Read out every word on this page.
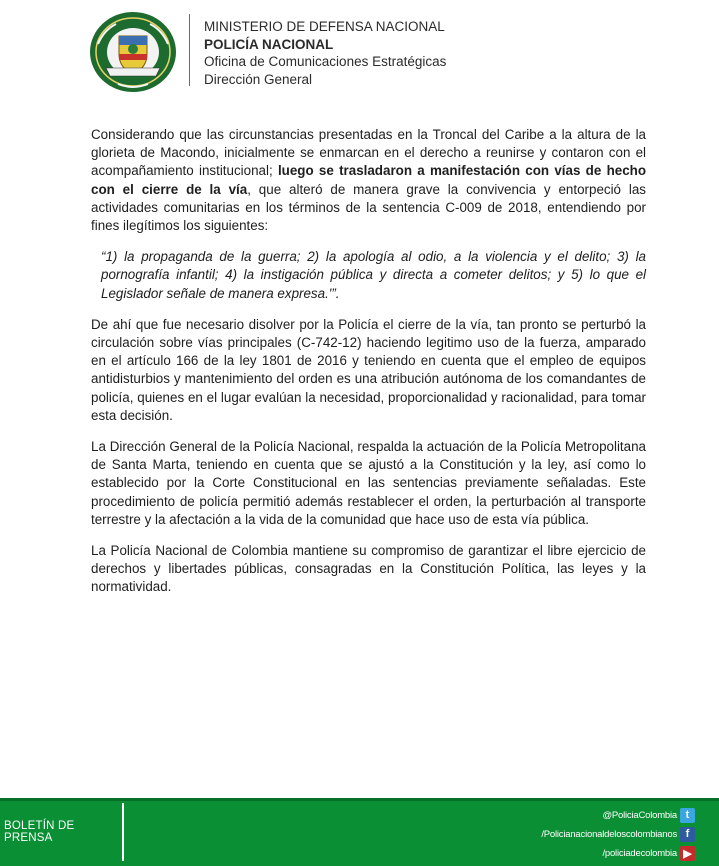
MINISTERIO DE DEFENSA NACIONAL
POLICÍA NACIONAL
Oficina de Comunicaciones Estratégicas
Dirección General

Considerando que las circunstancias presentadas en la Troncal del Caribe a la altura de la glorieta de Macondo, inicialmente se enmarcan en el derecho a reunirse y contaron con el acompañamiento institucional; luego se trasladaron a manifestación con vías de hecho con el cierre de la vía, que alteró de manera grave la convivencia y entorpeció las actividades comunitarias en los términos de la sentencia C-009 de 2018, entendiendo por fines ilegítimos los siguientes:

“1) la propaganda de la guerra; 2) la apología al odio, a la violencia y el delito; 3) la pornografía infantil; 4) la instigación pública y directa a cometer delitos; y 5) lo que el Legislador señale de manera expresa.'”.

De ahí que fue necesario disolver por la Policía el cierre de la vía, tan pronto se perturbó la circulación sobre vías principales (C-742-12) haciendo legitimo uso de la fuerza, amparado en el artículo 166 de la ley 1801 de 2016 y teniendo en cuenta que el empleo de equipos antidisturbios y mantenimiento del orden es una atribución autónoma de los comandantes de policía, quienes en el lugar evalúan la necesidad, proporcionalidad y racionalidad, para tomar esta decisión.

La Dirección General de la Policía Nacional, respalda la actuación de la Policía Metropolitana de Santa Marta, teniendo en cuenta que se ajustó a la Constitución y la ley, así como lo establecido por la Corte Constitucional en las sentencias previamente señaladas. Este procedimiento de policía permitió además restablecer el orden, la perturbación al transporte terrestre y la afectación a la vida de la comunidad que hace uso de esta vía pública.

La Policía Nacional de Colombia mantiene su compromiso de garantizar el libre ejercicio de derechos y libertades públicas, consagradas en la Constitución Política, las leyes y la normatividad.

BOLETÍN DE PRENSA
@PoliciaColombia t
/Policianacionaldeloscolombianos f
/policiadecolombia ▶
